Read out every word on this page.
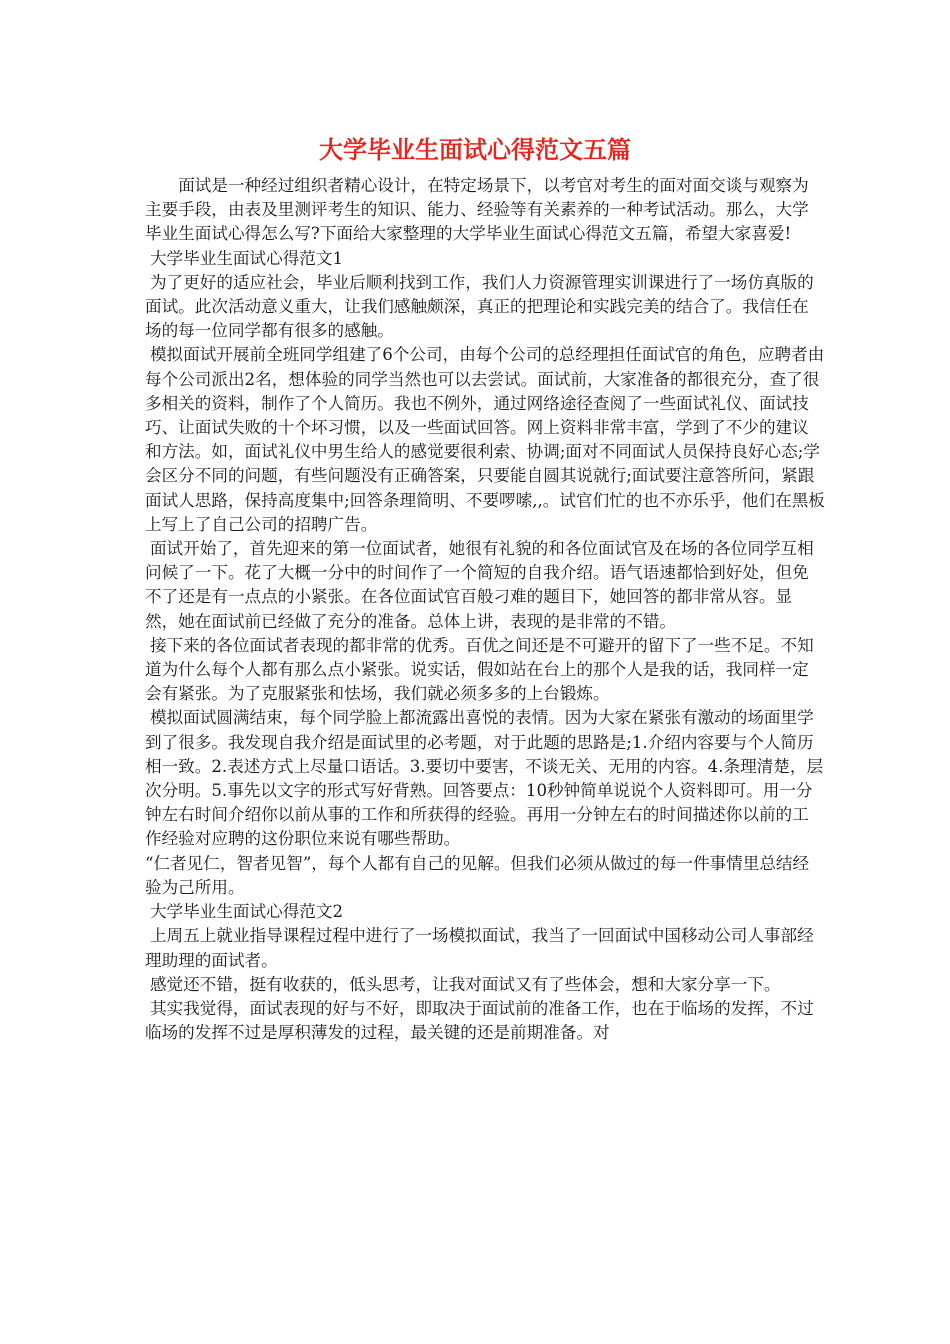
大学毕业生面试心得范文五篇

面试是一种经过组织者精心设计，在特定场景下，以考官对考生的面对面交谈与观察为主要手段，由表及里测评考生的知识、能力、经验等有关素养的一种考试活动。那么，大学毕业生面试心得怎么写?下面给大家整理的大学毕业生面试心得范文五篇，希望大家喜爱!

大学毕业生面试心得范文1

为了更好的适应社会，毕业后顺利找到工作，我们人力资源管理实训课进行了一场仿真版的面试。此次活动意义重大，让我们感触颇深，真正的把理论和实践完美的结合了。我信任在场的每一位同学都有很多的感触。

模拟面试开展前全班同学组建了6个公司，由每个公司的总经理担任面试官的角色，应聘者由每个公司派出2名，想体验的同学当然也可以去尝试。面试前，大家准备的都很充分，查了很多相关的资料，制作了个人简历。我也不例外，通过网络途径查阅了一些面试礼仪、面试技巧、让面试失败的十个坏习惯，以及一些面试回答。网上资料非常丰富，学到了不少的建议和方法。如，面试礼仪中男生给人的感觉要很利索、协调;面对不同面试人员保持良好心态;学会区分不同的问题，有些问题没有正确答案，只要能自圆其说就行;面试要注意答所问，紧跟面试人思路，保持高度集中;回答条理简明、不要啰嗦,,。试官们忙的也不亦乐乎，他们在黑板上写上了自己公司的招聘广告。

面试开始了，首先迎来的第一位面试者，她很有礼貌的和各位面试官及在场的各位同学互相问候了一下。花了大概一分中的时间作了一个简短的自我介绍。语气语速都恰到好处，但免不了还是有一点点的小紧张。在各位面试官百般刁难的题目下，她回答的都非常从容。显然，她在面试前已经做了充分的准备。总体上讲，表现的是非常的不错。

接下来的各位面试者表现的都非常的优秀。百优之间还是不可避开的留下了一些不足。不知道为什么每个人都有那么点小紧张。说实话，假如站在台上的那个人是我的话，我同样一定会有紧张。为了克服紧张和怯场，我们就必须多多的上台锻炼。

模拟面试圆满结束，每个同学脸上都流露出喜悦的表情。因为大家在紧张有激动的场面里学到了很多。我发现自我介绍是面试里的必考题，对于此题的思路是;1.介绍内容要与个人简历相一致。2.表述方式上尽量口语话。3.要切中要害，不谈无关、无用的内容。4.条理清楚，层次分明。5.事先以文字的形式写好背熟。回答要点：10秒钟简单说说个人资料即可。用一分钟左右时间介绍你以前从事的工作和所获得的经验。再用一分钟左右的时间描述你以前的工作经验对应聘的这份职位来说有哪些帮助。

“仁者见仁，智者见智”，每个人都有自己的见解。但我们必须从做过的每一件事情里总结经验为己所用。

大学毕业生面试心得范文2

上周五上就业指导课程过程中进行了一场模拟面试，我当了一回面试中国移动公司人事部经理助理的面试者。

感觉还不错，挺有收获的，低头思考，让我对面试又有了些体会，想和大家分享一下。

其实我觉得，面试表现的好与不好，即取决于面试前的准备工作，也在于临场的发挥，不过临场的发挥不过是厚积薄发的过程，最关键的还是前期准备。对
